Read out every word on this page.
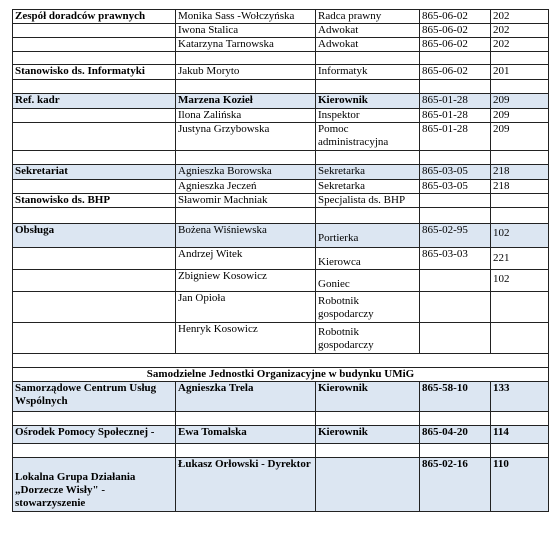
Zespół doradców prawnych	Monika Sass -Wołczyńska	Radca prawny	865-06-02	202
	Iwona Stalica	Adwokat	865-06-02	202
	Katarzyna Tarnowska	Adwokat	865-06-02	202

Stanowisko ds. Informatyki	Jakub Moryto	Informatyk	865-06-02	201

Ref. kadr	Marzena Kozieł	Kierownik	865-01-28	209
	Ilona Zalińska	Inspektor	865-01-28	209
	Justyna Grzybowska	Pomoc administracyjna	865-01-28	209

Sekretariat	Agnieszka Borowska	Sekretarka	865-03-05	218
	Agnieszka Jeczeń	Sekretarka	865-03-05	218
Stanowisko ds. BHP	Sławomir Machniak	Specjalista ds. BHP		

Obsługa	Bożena Wiśniewska	Portierka	865-02-95	102

	Andrzej Witek	Kierowca	865-03-03	221

	Zbigniew Kosowicz	Goniec		102

	Jan Opioła	Robotnik gospodarczy		

	Henryk Kosowicz	Robotnik gospodarczy		

Samodzielne Jednostki Organizacyjne w budynku UMiG				
Samorządowe Centrum Usług Wspólnych	Agnieszka Trela	Kierownik	865-58-10	133

Ośrodek Pomocy Społecznej -	Ewa Tomalska	Kierownik	865-04-20	114

Lokalna Grupa Działania „Dorzecze Wisły" - stowarzyszenie	Łukasz Orłowski - Dyrektor		865-02-16	110
